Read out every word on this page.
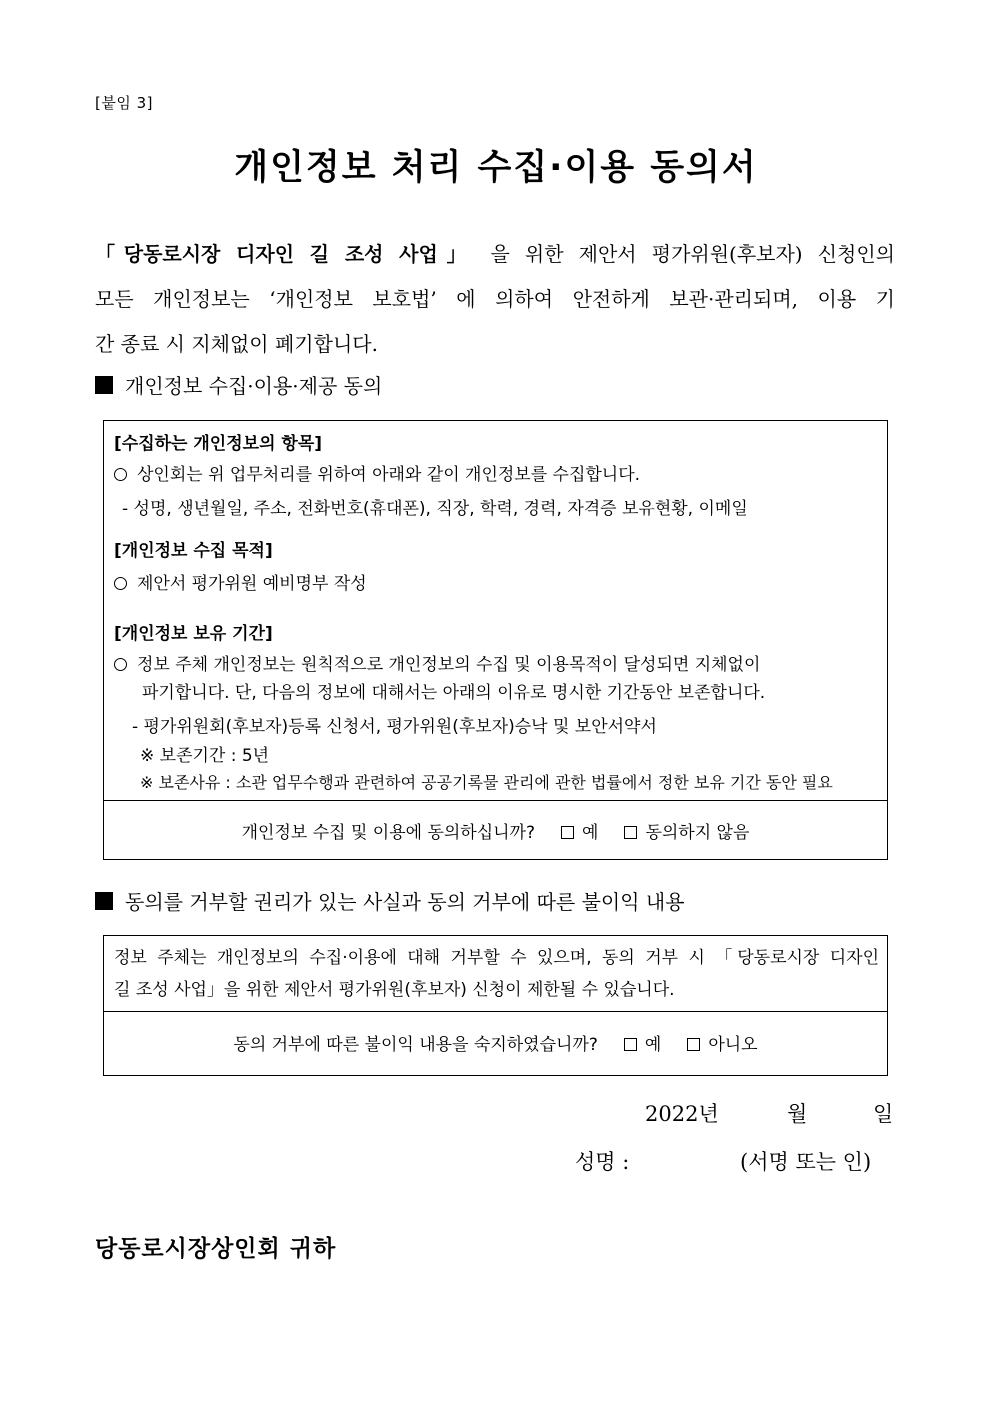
[붙임 3]
개인정보 처리 수집·이용 동의서
「당동로시장 디자인 길 조성 사업」 을 위한 제안서 평가위원(후보자) 신청인의
모든 개인정보는 ‘개인정보 보호법’ 에 의하여 안전하게 보관·관리되며, 이용 기
간 종료 시 지체없이 폐기합니다.
개인정보 수집·이용·제공 동의
[수집하는 개인정보의 항목]
상인회는 위 업무처리를 위하여 아래와 같이 개인정보를 수집합니다.
- 성명, 생년월일, 주소, 전화번호(휴대폰), 직장, 학력, 경력, 자격증 보유현황, 이메일
[개인정보 수집 목적]
제안서 평가위원 예비명부 작성
[개인정보 보유 기간]
정보 주체 개인정보는 원칙적으로 개인정보의 수집 및 이용목적이 달성되면 지체없이
파기합니다. 단, 다음의 정보에 대해서는 아래의 이유로 명시한 기간동안 보존합니다.
- 평가위원회(후보자)등록 신청서, 평가위원(후보자)승낙 및 보안서약서
※ 보존기간 : 5년
※ 보존사유 : 소관 업무수행과 관련하여 공공기록물 관리에 관한 법률에서 정한 보유 기간 동안 필요
개인정보 수집 및 이용에 동의하십니까?	예	동의하지 않음
동의를 거부할 권리가 있는 사실과 동의 거부에 따른 불이익 내용
정보 주체는 개인정보의 수집·이용에 대해 거부할 수 있으며, 동의 거부 시 「당동로시장 디자인
길 조성 사업」을 위한 제안서 평가위원(후보자) 신청이 제한될 수 있습니다.
동의 거부에 따른 불이익 내용을 숙지하였습니까?	예	아니오
2022년	월	일
성명 :	(서명 또는 인)
당동로시장상인회 귀하
